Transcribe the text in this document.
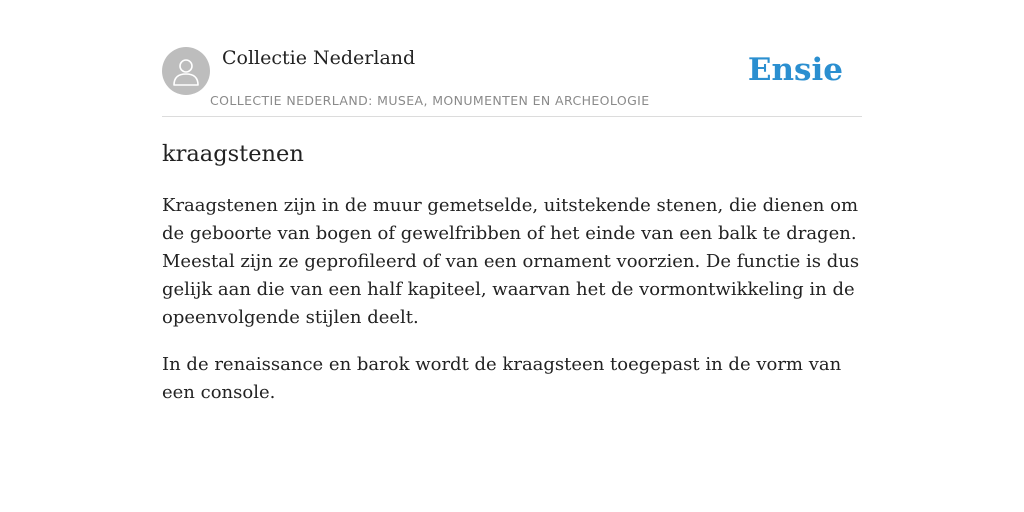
Collectie Nederland
COLLECTIE NEDERLAND: MUSEA, MONUMENTEN EN ARCHEOLOGIE
Ensie
kraagstenen

Kraagstenen zijn in de muur gemetselde, uitstekende stenen, die dienen om de geboorte van bogen of gewelfribben of het einde van een balk te dragen. Meestal zijn ze geprofileerd of van een ornament voorzien. De functie is dus gelijk aan die van een half kapiteel, waarvan het de vormontwikkeling in de opeenvolgende stijlen deelt.

In de renaissance en barok wordt de kraagsteen toegepast in de vorm van een console.
